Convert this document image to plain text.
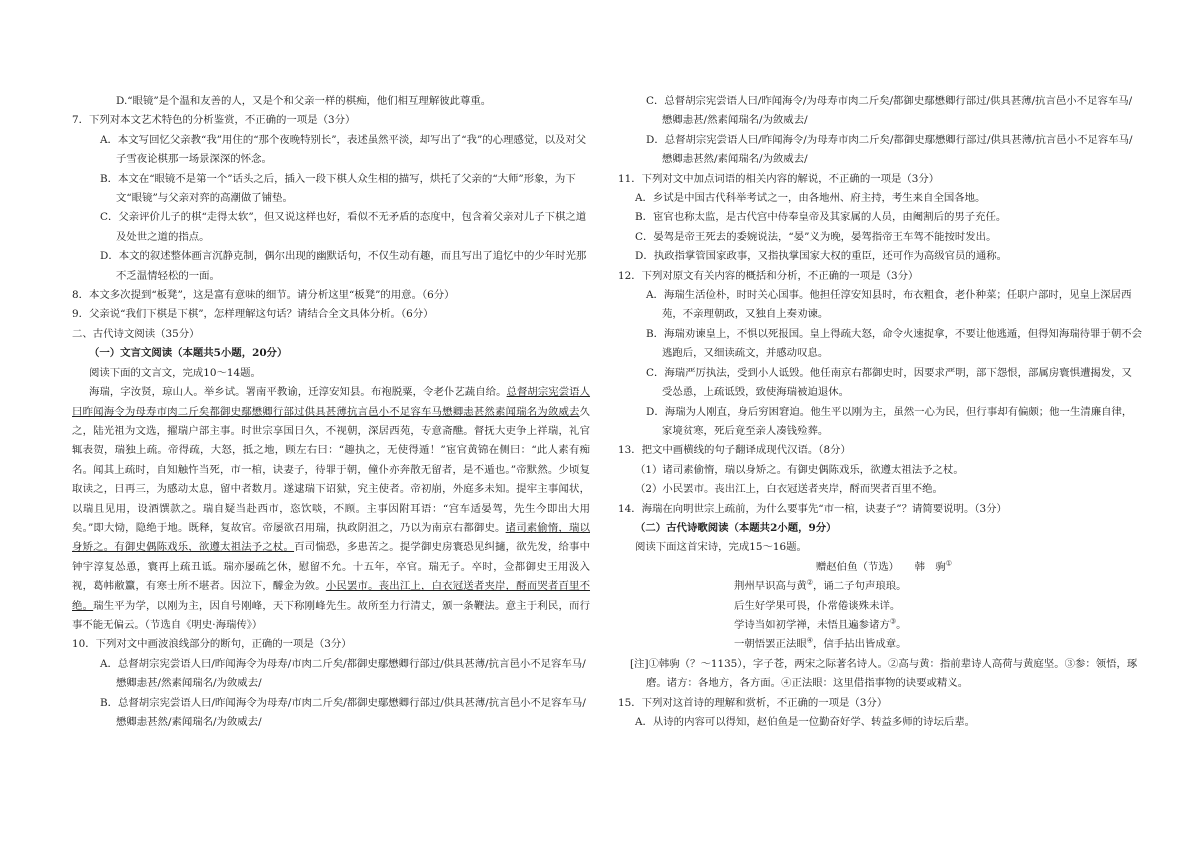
D.“眼镜”是个温和友善的人，又是个和父亲一样的棋痴，他们相互理解彼此尊重。
7．下列对本文艺术特色的分析鉴赏，不正确的一项是（3分）
A．本文写回忆父亲教“我”用住的“那个夜晚特别长”，表述虽然平淡，却写出了“我”的心理感觉，以及对父子雪夜论棋那一场景深深的怀念。
B．本文在“眼镜不是第一个”话头之后，插入一段下棋人众生相的描写，烘托了父亲的“大师”形象，为下文“眼镜”与父亲对弈的高潮做了铺垫。
C．父亲评价儿子的棋“走得太软”，但又说这样也好，看似不无矛盾的态度中，包含着父亲对儿子下棋之道及处世之道的指点。
D．本文的叙述整体画言沉静克制，偶尔出现的幽默话句，不仅生动有趣，而且写出了追忆中的少年时光那不乏温情轻松的一面。
8．本文多次提到“板凳”，这是富有意味的细节。请分析这里“板凳”的用意。（6分）
9．父亲说“我们下棋是下棋”，怎样理解这句话？请结合全文具体分析。（6分）
二、古代诗文阅读（35分）
（一）文言文阅读（本题共5小题，20分）
阅读下面的文言文，完成10～14题。
海瑞，字汝贤，琼山人。举乡试。署南平教谕，迁淳安知县。布袍脱粟，令老仆艺蔬自给。总督胡宗宪尝语人曰昨闻海令为母寿市肉二斤矣都御史鄢懋卿行部过供具甚薄抗言邑小不足容车马懋卿恚甚然素闻瑞名为敛威去久之，陆光祖为文选，擢瑞户部主事。时世宗享国日久，不视朝，深居西苑，专意斋醮。督抚大吏争上祥瑞，礼官辄表贺，瑞独上疏。帝得疏，大怒，抵之地，顾左右曰：“趣执之，无使得遁！”宦官黄锦在侧曰：“此人素有痴名。闻其上疏时，自知触忤当死，市一棺，诀妻子，待罪于朝，僮仆亦奔散无留者，是不遁也。”帝默然。少顷复取读之，日再三，为感动太息，留中者数月。遂逮瑞下诏狱，究主使者。帝初崩，外庭多未知。提牢主事闻状，以瑞且见用，设酒馔款之。瑞自疑当赴西市，恣饮啖，不顾。主事因附耳语：“宫车适晏驾，先生今即出大用矣。”即大恸，隐绝于地。既释，复故官。帝屡欲召用瑞，执政阴沮之，乃以为南京右都御史。诸司素偷惰，瑞以身矫之。有御史偶陈戏乐，欲遵太祖法予之杖。百司惴恐，多患苦之。提学御史房寰恐见纠擿，欲先发，给事中钟宇淳复怂恿，寰再上疏丑诋。瑞亦屡疏乞休，慰留不允。十五年，卒官。瑞无子。卒时，佥都御史王用汲入视，葛帏敝籝，有寒士所不堪者。因泣下，醵金为敛。小民罢市。丧出江上，白衣冠送者夹岸，酹而哭者百里不绝。瑞生平为学，以刚为主，因自号刚峰，天下称刚峰先生。故所至力行清丈，颁一条鞭法。意主于利民，而行事不能无偏云。（节选自《明史·海瑞传》）
10．下列对文中画波浪线部分的断句，正确的一项是（3分）
A．总督胡宗宪尝语人曰/昨闻海令为母寿/市肉二斤矣/都御史鄢懋卿行部过/供具甚薄/抗言邑小不足容车马/懋卿恚甚/然素闻瑞名/为敛威去/
B．总督胡宗宪尝语人曰/昨闻海令为母寿/市肉二斤矣/都御史鄢懋卿行部过/供具甚薄/抗言邑小不足容车马/懋卿恚甚然/素闻瑞名/为敛威去/
C．总督胡宗宪尝语人曰/昨闻海令/为母寿市肉二斤矣/都御史鄢懋卿行部过/供具甚薄/抗言邑小不足容车马/懋卿恚甚/然素闻瑞名/为敛威去/
D．总督胡宗宪尝语人曰/昨闻海令/为母寿市肉二斤矣/都御史鄢懋卿行部过/供具甚薄/抗言邑小不足容车马/懋卿恚甚然/素闻瑞名/为敛威去/
11．下列对文中加点词语的相关内容的解说，不正确的一项是（3分）
A．乡试是中国古代科举考试之一，由各地州、府主持，考生来自全国各地。
B．宦官也称太监，是古代宫中侍奉皇帝及其家属的人员，由阉割后的男子充任。
C．晏驾是帝王死去的委婉说法，“晏”义为晚，晏驾指帝王车驾不能按时发出。
D．执政指掌管国家政事，又指执掌国家大权的重臣，还可作为高级官员的通称。
12．下列对原文有关内容的概括和分析，不正确的一项是（3分）
A．海瑞生活俭朴，时时关心国事。他担任淳安知县时，布衣粗食，老仆种菜；任职户部时，见皇上深居西苑，不亲理朝政，又独自上奏劝谏。
B．海瑞劝谏皇上，不惧以死报国。皇上得疏大怒，命令火速捉拿，不要让他逃遁，但得知海瑞待罪于朝不会逃跑后，又细读疏文，并感动叹息。
C．海瑞严厉执法，受到小人诋毁。他任南京右都御史时，因要求严明，部下怨恨，部属房寰惧遭揭发，又受怂恿，上疏诋毁，致使海瑞被迫退休。
D．海瑞为人刚直，身后穷困窘迫。他生平以刚为主，虽然一心为民，但行事却有偏颇；他一生清廉自律，家境贫寒，死后竟至亲人凑钱殓葬。
13．把文中画横线的句子翻译成现代汉语。（8分）
（1）诸司素偷惰，瑞以身矫之。有御史偶陈戏乐，欲遵太祖法予之杖。
（2）小民罢市。丧出江上，白衣冠送者夹岸，酹而哭者百里不绝。
14．海瑞在向明世宗上疏前，为什么要事先“市一棺，诀妻子”？请简要说明。（3分）
（二）古代诗歌阅读（本题共2小题，9分）
阅读下面这首宋诗，完成15～16题。
赠赵伯鱼（节选）　　韩　驹①
荆州早识高与黄②，诵二子句声琅琅。
后生好学果可畏，仆常倦谈殊未详。
学诗当如初学禅，未悟且遍参诸方③。
一朝悟罢正法眼④，信手拈出皆成章。
[注]①韩驹（？～1135），字子苍，两宋之际著名诗人。②高与黄：指前辈诗人高荷与黄庭坚。③参：领悟，琢磨。诸方：各地方，各方面。④正法眼：这里借指事物的诀要或精义。
15．下列对这首诗的理解和赏析，不正确的一项是（3分）
A．从诗的内容可以得知，赵伯鱼是一位勤奋好学、转益多师的诗坛后辈。
